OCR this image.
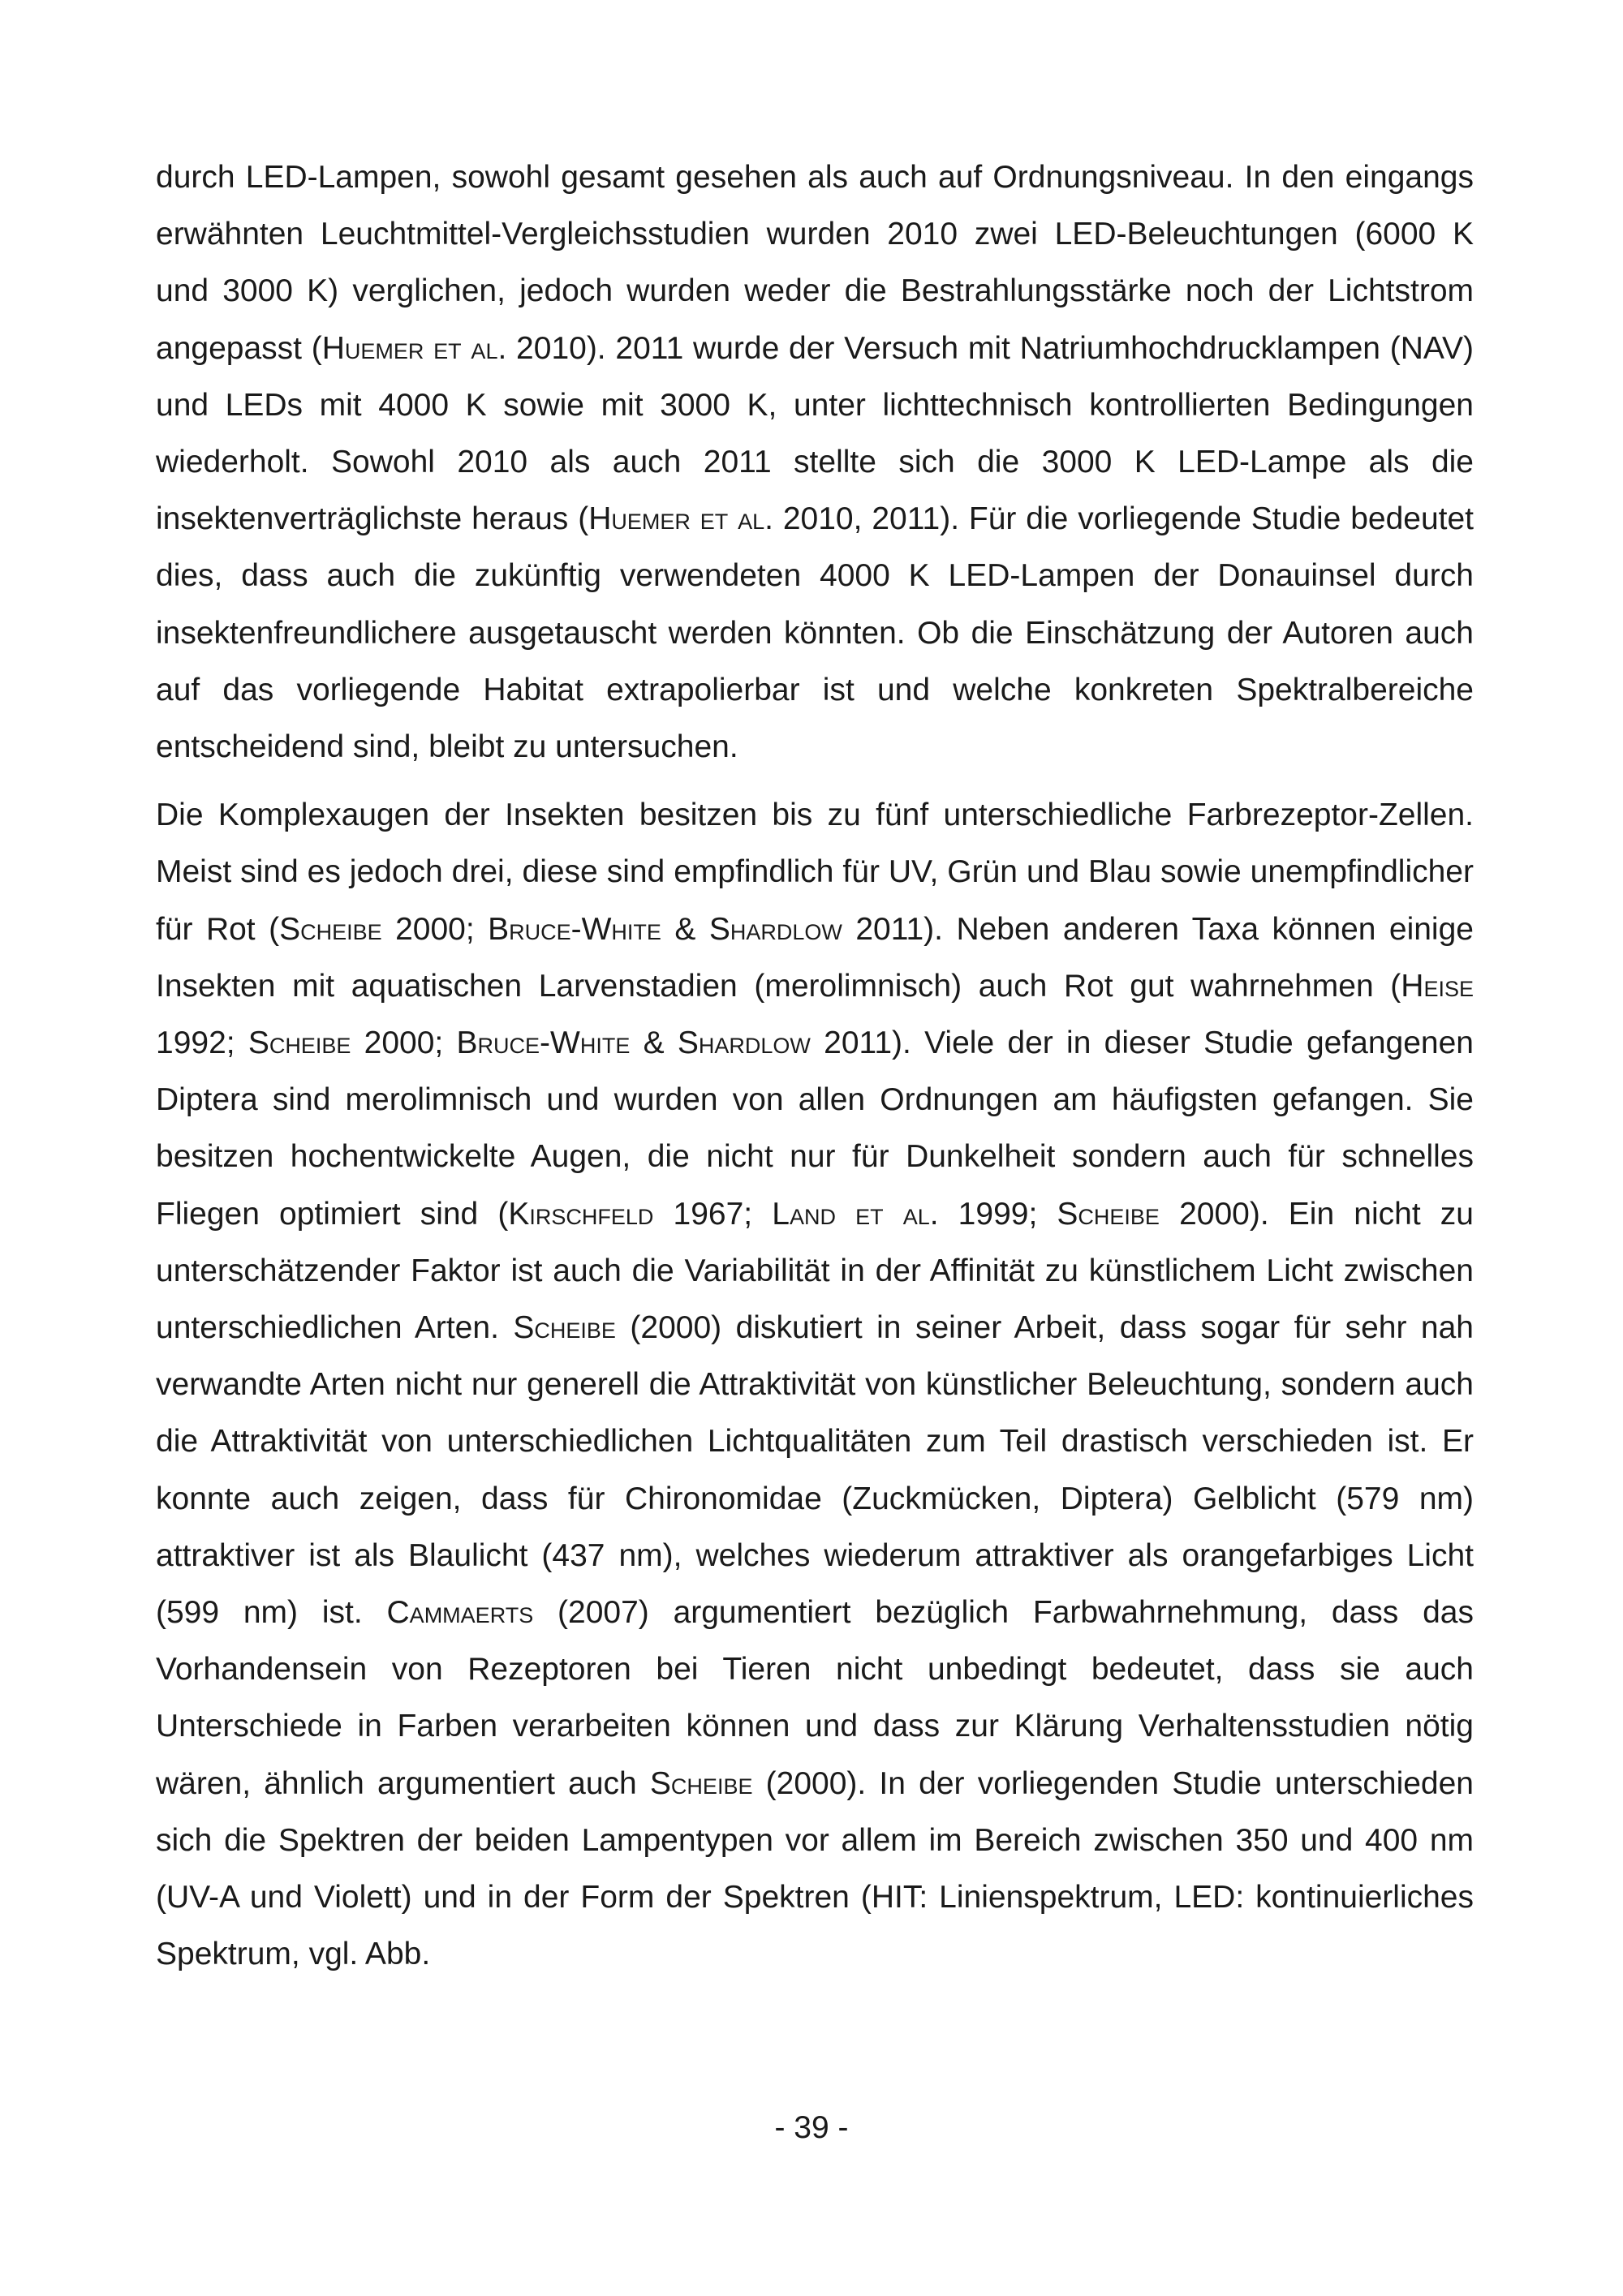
durch LED-Lampen, sowohl gesamt gesehen als auch auf Ordnungsniveau. In den eingangs erwähnten Leuchtmittel-Vergleichsstudien wurden 2010 zwei LED-Beleuchtungen (6000 K und 3000 K) verglichen, jedoch wurden weder die Bestrahlungsstärke noch der Lichtstrom angepasst (Huemer et al. 2010). 2011 wurde der Versuch mit Natriumhochdrucklampen (NAV) und LEDs mit 4000 K sowie mit 3000 K, unter lichttechnisch kontrollierten Bedingungen wiederholt. Sowohl 2010 als auch 2011 stellte sich die 3000 K LED-Lampe als die insektenverträglichste heraus (Huemer et al. 2010, 2011). Für die vorliegende Studie bedeutet dies, dass auch die zukünftig verwendeten 4000 K LED-Lampen der Donauinsel durch insektenfreundlichere ausgetauscht werden könnten. Ob die Einschätzung der Autoren auch auf das vorliegende Habitat extrapolierbar ist und welche konkreten Spektralbereiche entscheidend sind, bleibt zu untersuchen.

Die Komplexaugen der Insekten besitzen bis zu fünf unterschiedliche Farbrezeptor-Zellen. Meist sind es jedoch drei, diese sind empfindlich für UV, Grün und Blau sowie unempfindlicher für Rot (Scheibe 2000; Bruce-White & Shardlow 2011). Neben anderen Taxa können einige Insekten mit aquatischen Larvenstadien (merolimnisch) auch Rot gut wahrnehmen (Heise 1992; Scheibe 2000; Bruce-White & Shardlow 2011). Viele der in dieser Studie gefangenen Diptera sind merolimnisch und wurden von allen Ordnungen am häufigsten gefangen. Sie besitzen hochentwickelte Augen, die nicht nur für Dunkelheit sondern auch für schnelles Fliegen optimiert sind (Kirschfeld 1967; Land et al. 1999; Scheibe 2000). Ein nicht zu unterschätzender Faktor ist auch die Variabilität in der Affinität zu künstlichem Licht zwischen unterschiedlichen Arten. Scheibe (2000) diskutiert in seiner Arbeit, dass sogar für sehr nah verwandte Arten nicht nur generell die Attraktivität von künstlicher Beleuchtung, sondern auch die Attraktivität von unterschiedlichen Lichtqualitäten zum Teil drastisch verschieden ist. Er konnte auch zeigen, dass für Chironomidae (Zuckmücken, Diptera) Gelblicht (579 nm) attraktiver ist als Blaulicht (437 nm), welches wiederum attraktiver als orangefarbiges Licht (599 nm) ist. Cammaerts (2007) argumentiert bezüglich Farbwahrnehmung, dass das Vorhandensein von Rezeptoren bei Tieren nicht unbedingt bedeutet, dass sie auch Unterschiede in Farben verarbeiten können und dass zur Klärung Verhaltensstudien nötig wären, ähnlich argumentiert auch Scheibe (2000). In der vorliegenden Studie unterschieden sich die Spektren der beiden Lampentypen vor allem im Bereich zwischen 350 und 400 nm (UV-A und Violett) und in der Form der Spektren (HIT: Linienspektrum, LED: kontinuierliches Spektrum, vgl. Abb.

- 39 -
